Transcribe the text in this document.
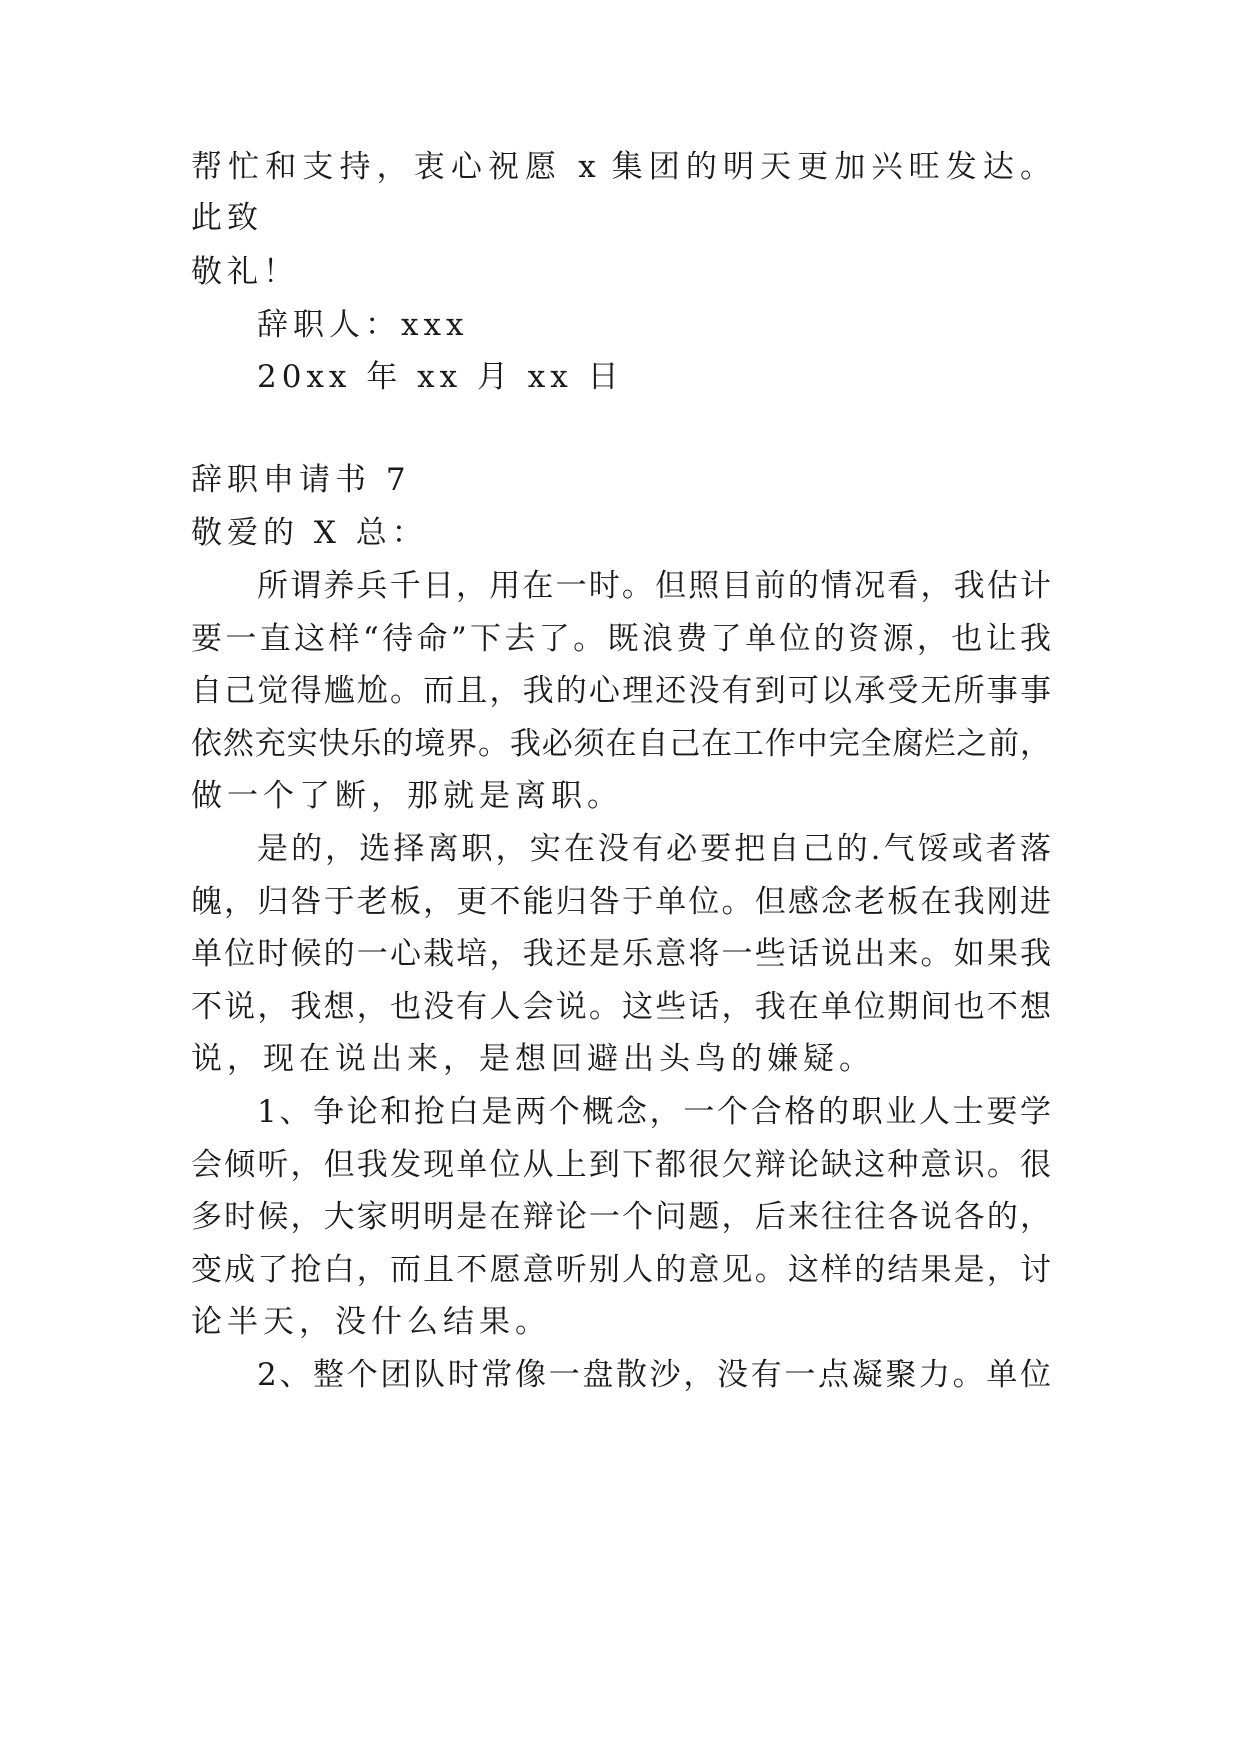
帮忙和支持，衷心祝愿 x 集团的明天更加兴旺发达。
此致
敬礼！
辞职人：xxx
20xx 年 xx 月 xx 日
辞职申请书 7
敬爱的 X 总：
所谓养兵千日，用在一时。但照目前的情况看，我估计
要一直这样“待命”下去了。既浪费了单位的资源，也让我
自己觉得尴尬。而且，我的心理还没有到可以承受无所事事
依然充实快乐的境界。我必须在自己在工作中完全腐烂之前，
做一个了断，那就是离职。
是的，选择离职，实在没有必要把自己的.气馁或者落
魄，归咎于老板，更不能归咎于单位。但感念老板在我刚进
单位时候的一心栽培，我还是乐意将一些话说出来。如果我
不说，我想，也没有人会说。这些话，我在单位期间也不想
说，现在说出来，是想回避出头鸟的嫌疑。
1、争论和抢白是两个概念，一个合格的职业人士要学
会倾听，但我发现单位从上到下都很欠辩论缺这种意识。很
多时候，大家明明是在辩论一个问题，后来往往各说各的，
变成了抢白，而且不愿意听别人的意见。这样的结果是，讨
论半天，没什么结果。
2、整个团队时常像一盘散沙，没有一点凝聚力。单位
